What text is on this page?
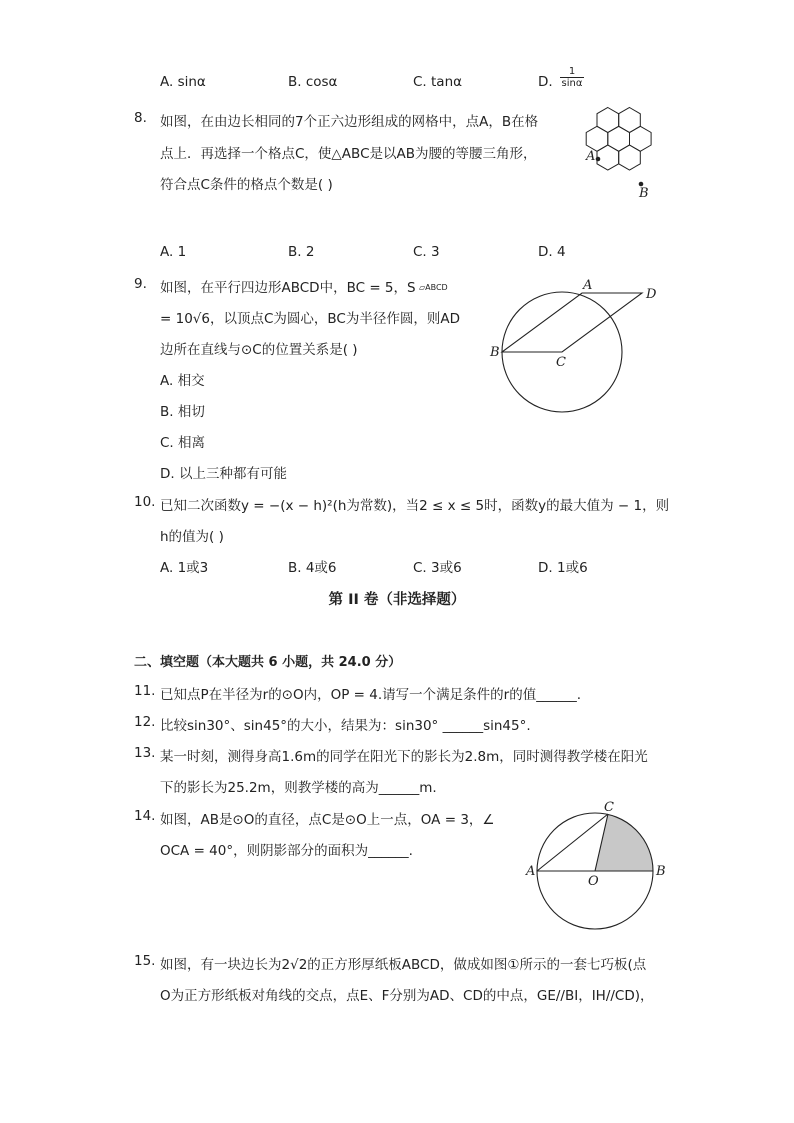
A. sinα	B. cosα	C. tanα	D.
1
sinα
8. 如图，在由边长相同的7个正六边形组成的网格中，点A，B在格
点上．再选择一个格点C，使△ABC是以AB为腰的等腰三角形，
符合点C条件的格点个数是( )
A
B
A. 1	B. 2	C. 3	D. 4
9. 如图，在平行四边形ABCD中，BC = 5，S ▱ABCD
= 10√6，以顶点C为圆心，BC为半径作圆，则AD
边所在直线与⊙C的位置关系是( )
A. 相交
B. 相切
C. 相离
D. 以上三种都有可能
B
C
A
D
10. 已知二次函数y = −(x − h)²(h为常数)，当2 ≤ x ≤ 5时，函数y的最大值为 − 1，则
h的值为( )
A. 1或3	B. 4或6	C. 3或6	D. 1或6
第 II 卷（非选择题）
二、填空题（本大题共 6 小题，共 24.0 分）
11. 已知点P在半径为r的⊙O内，OP = 4.请写一个满足条件的r的值______.
12. 比较sin30°、sin45°的大小，结果为：sin30° ______sin45°.
13. 某一时刻，测得身高1.6m的同学在阳光下的影长为2.8m，同时测得教学楼在阳光
下的影长为25.2m，则教学楼的高为______m.
14. 如图，AB是⊙O的直径，点C是⊙O上一点，OA = 3，∠
OCA = 40°，则阴影部分的面积为______.
A	B
C
O
15. 如图，有一块边长为2√2的正方形厚纸板ABCD，做成如图①所示的一套七巧板(点
O为正方形纸板对角线的交点，点E、F分别为AD、CD的中点，GE//BI，IH//CD)，
